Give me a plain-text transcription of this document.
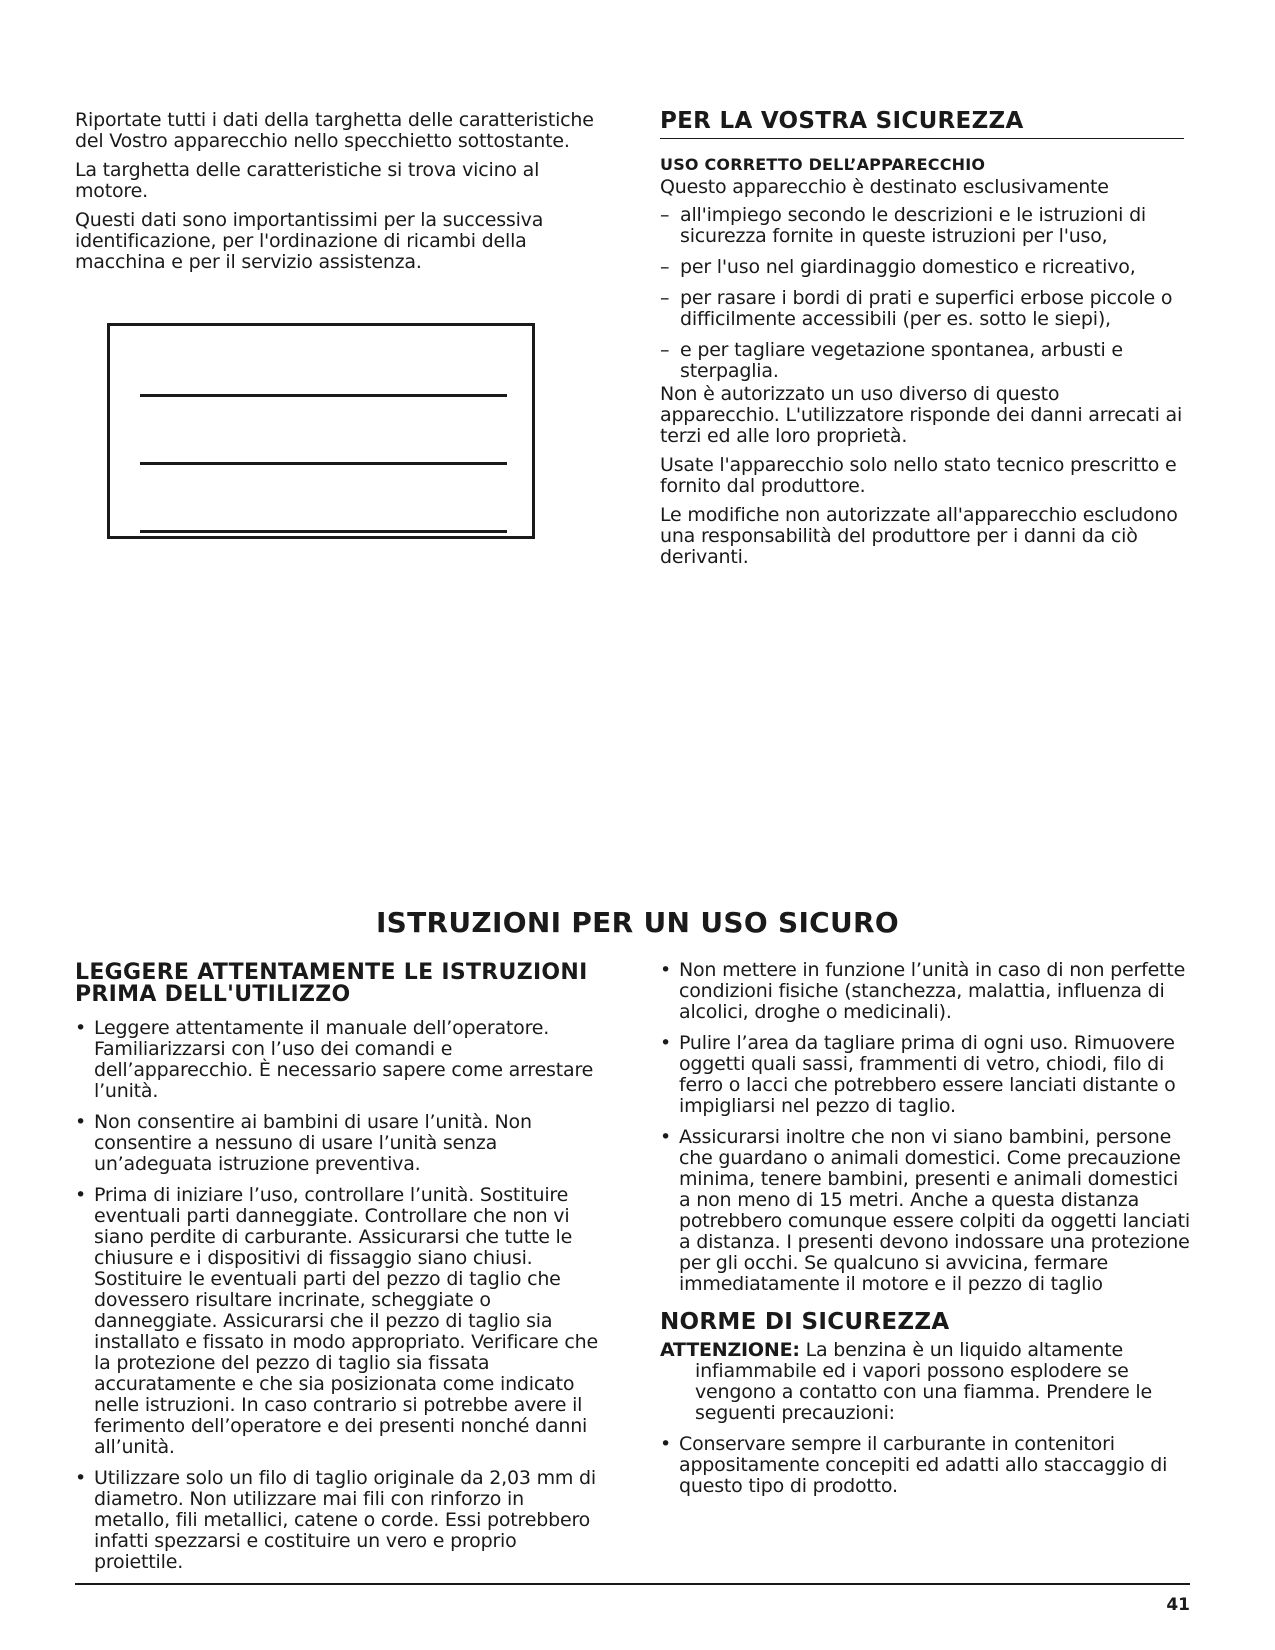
Riportate tutti i dati della targhetta delle caratteristiche del Vostro apparecchio nello specchietto sottostante.

La targhetta delle caratteristiche si trova vicino al motore.

Questi dati sono importantissimi per la successiva identificazione, per l'ordinazione di ricambi della macchina e per il servizio assistenza.

PER LA VOSTRA SICUREZZA
USO CORRETTO DELL’APPARECCHIO

Questo apparecchio è destinato esclusivamente

– all'impiego secondo le descrizioni e le istruzioni di sicurezza fornite in queste istruzioni per l'uso,
– per l'uso nel giardinaggio domestico e ricreativo,
– per rasare i bordi di prati e superfici erbose piccole o difficilmente accessibili (per es. sotto le siepi),
– e per tagliare vegetazione spontanea, arbusti e sterpaglia.

Non è autorizzato un uso diverso di questo apparecchio. L'utilizzatore risponde dei danni arrecati ai terzi ed alle loro proprietà.

Usate l'apparecchio solo nello stato tecnico prescritto e fornito dal produttore.

Le modifiche non autorizzate all'apparecchio escludono una responsabilità del produttore per i danni da ciò derivanti.

ISTRUZIONI PER UN USO SICURO
LEGGERE ATTENTAMENTE LE ISTRUZIONI PRIMA DELL'UTILIZZO
• Leggere attentamente il manuale dell’operatore. Familiarizzarsi con l’uso dei comandi e dell’apparecchio. È necessario sapere come arrestare l’unità.
• Non consentire ai bambini di usare l’unità. Non consentire a nessuno di usare l’unità senza un’adeguata istruzione preventiva.
• Prima di iniziare l’uso, controllare l’unità. Sostituire eventuali parti danneggiate. Controllare che non vi siano perdite di carburante. Assicurarsi che tutte le chiusure e i dispositivi di fissaggio siano chiusi. Sostituire le eventuali parti del pezzo di taglio che dovessero risultare incrinate, scheggiate o danneggiate. Assicurarsi che il pezzo di taglio sia installato e fissato in modo appropriato. Verificare che la protezione del pezzo di taglio sia fissata accuratamente e che sia posizionata come indicato nelle istruzioni. In caso contrario si potrebbe avere il ferimento dell’operatore e dei presenti nonché danni all’unità.
• Utilizzare solo un filo di taglio originale da 2,03 mm di diametro. Non utilizzare mai fili con rinforzo in metallo, fili metallici, catene o corde. Essi potrebbero infatti spezzarsi e costituire un vero e proprio proiettile.
• Non mettere in funzione l’unità in caso di non perfette condizioni fisiche (stanchezza, malattia, influenza di alcolici, droghe o medicinali).
• Pulire l’area da tagliare prima di ogni uso. Rimuovere oggetti quali sassi, frammenti di vetro, chiodi, filo di ferro o lacci che potrebbero essere lanciati distante o impigliarsi nel pezzo di taglio.
• Assicurarsi inoltre che non vi siano bambini, persone che guardano o animali domestici. Come precauzione minima, tenere bambini, presenti e animali domestici a non meno di 15 metri. Anche a questa distanza potrebbero comunque essere colpiti da oggetti lanciati a distanza. I presenti devono indossare una protezione per gli occhi. Se qualcuno si avvicina, fermare immediatamente il motore e il pezzo di taglio
NORME DI SICUREZZA

ATTENZIONE: La benzina è un liquido altamente
infiammabile ed i vapori possono esplodere se vengono a contatto con una fiamma. Prendere le seguenti precauzioni:

• Conservare sempre il carburante in contenitori appositamente concepiti ed adatti allo staccaggio di questo tipo di prodotto.
41
